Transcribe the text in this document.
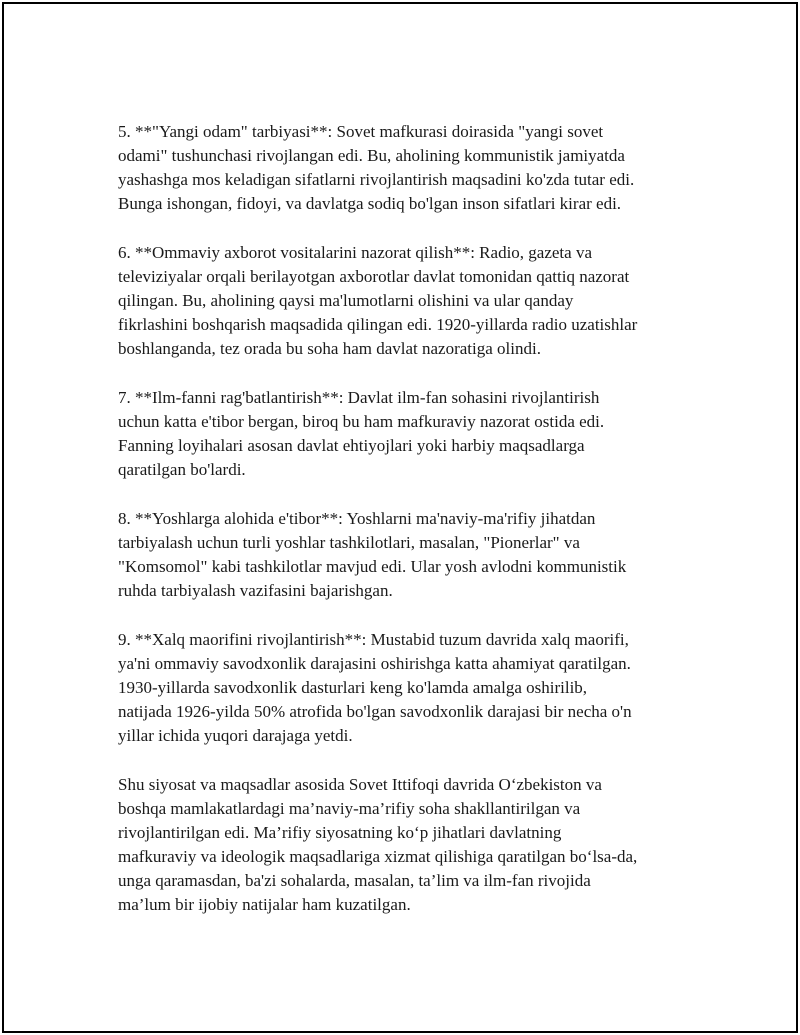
5. **"Yangi odam" tarbiyasi**: Sovet mafkurasi doirasida "yangi sovet
odami" tushunchasi rivojlangan edi. Bu, aholining kommunistik jamiyatda
yashashga mos keladigan sifatlarni rivojlantirish maqsadini ko'zda tutar edi.
Bunga ishongan, fidoyi, va davlatga sodiq bo'lgan inson sifatlari kirar edi.
6. **Ommaviy axborot vositalarini nazorat qilish**: Radio, gazeta va
televiziyalar orqali berilayotgan axborotlar davlat tomonidan qattiq nazorat
qilingan. Bu, aholining qaysi ma'lumotlarni olishini va ular qanday
fikrlashini boshqarish maqsadida qilingan edi. 1920-yillarda radio uzatishlar
boshlanganda, tez orada bu soha ham davlat nazoratiga olindi.
7. **Ilm-fanni rag'batlantirish**: Davlat ilm-fan sohasini rivojlantirish
uchun katta e'tibor bergan, biroq bu ham mafkuraviy nazorat ostida edi.
Fanning loyihalari asosan davlat ehtiyojlari yoki harbiy maqsadlarga
qaratilgan bo'lardi.
8. **Yoshlarga alohida e'tibor**: Yoshlarni ma'naviy-ma'rifiy jihatdan
tarbiyalash uchun turli yoshlar tashkilotlari, masalan, "Pionerlar" va
"Komsomol" kabi tashkilotlar mavjud edi. Ular yosh avlodni kommunistik
ruhda tarbiyalash vazifasini bajarishgan.
9. **Xalq maorifini rivojlantirish**: Mustabid tuzum davrida xalq maorifi,
ya'ni ommaviy savodxonlik darajasini oshirishga katta ahamiyat qaratilgan.
1930-yillarda savodxonlik dasturlari keng ko'lamda amalga oshirilib,
natijada 1926-yilda 50% atrofida bo'lgan savodxonlik darajasi bir necha o'n
yillar ichida yuqori darajaga yetdi.
Shu siyosat va maqsadlar asosida Sovet Ittifoqi davrida O‘zbekiston va
boshqa mamlakatlardagi ma’naviy-ma’rifiy soha shakllantirilgan va
rivojlantirilgan edi. Ma’rifiy siyosatning ko‘p jihatlari davlatning
mafkuraviy va ideologik maqsadlariga xizmat qilishiga qaratilgan bo‘lsa-da,
unga qaramasdan, ba'zi sohalarda, masalan, ta’lim va ilm-fan rivojida
ma’lum bir ijobiy natijalar ham kuzatilgan.
